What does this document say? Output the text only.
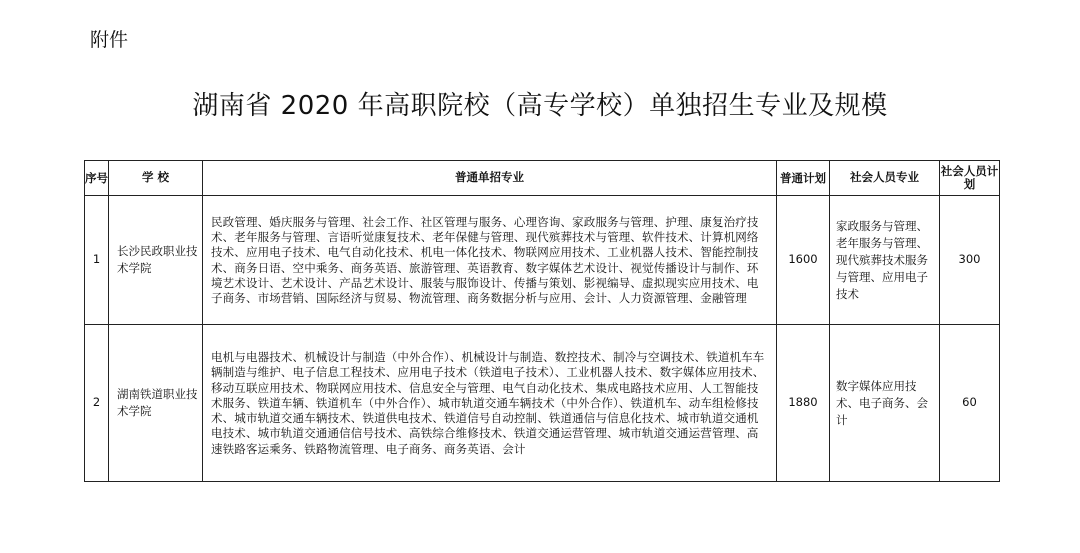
附件
湖南省 2020 年高职院校（高专学校）单独招生专业及规模
序号	学 校	普通单招专业	普通计划	社会人员专业	社会人员计划
1	长沙民政职业技术学院	民政管理、婚庆服务与管理、社会工作、社区管理与服务、心理咨询、家政服务与管理、护理、康复治疗技术、老年服务与管理、言语听觉康复技术、老年保健与管理、现代殡葬技术与管理、软件技术、计算机网络技术、应用电子技术、电气自动化技术、机电一体化技术、物联网应用技术、工业机器人技术、智能控制技术、商务日语、空中乘务、商务英语、旅游管理、英语教育、数字媒体艺术设计、视觉传播设计与制作、环境艺术设计、艺术设计、产品艺术设计、服装与服饰设计、传播与策划、影视编导、虚拟现实应用技术、电子商务、市场营销、国际经济与贸易、物流管理、商务数据分析与应用、会计、人力资源管理、金融管理	1600	家政服务与管理、老年服务与管理、现代殡葬技术服务与管理、应用电子技术	300
2	湖南铁道职业技术学院	电机与电器技术、机械设计与制造（中外合作）、机械设计与制造、数控技术、制冷与空调技术、铁道机车车辆制造与维护、电子信息工程技术、应用电子技术（铁道电子技术）、工业机器人技术、数字媒体应用技术、移动互联应用技术、物联网应用技术、信息安全与管理、电气自动化技术、集成电路技术应用、人工智能技术服务、铁道车辆、铁道机车（中外合作）、城市轨道交通车辆技术（中外合作）、铁道机车、动车组检修技术、城市轨道交通车辆技术、铁道供电技术、铁道信号自动控制、铁道通信与信息化技术、城市轨道交通机电技术、城市轨道交通通信信号技术、高铁综合维修技术、铁道交通运营管理、城市轨道交通运营管理、高速铁路客运乘务、铁路物流管理、电子商务、商务英语、会计	1880	数字媒体应用技术、电子商务、会计	60
